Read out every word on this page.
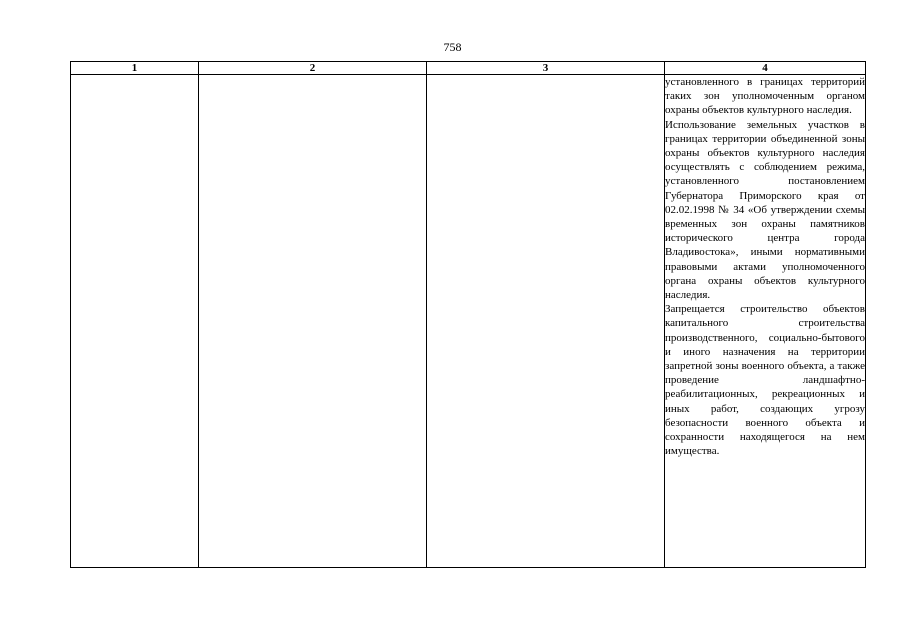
758
1	2	3	4

			установленного в границах территорий таких зон уполномоченным органом охраны объектов культурного наследия.

Использование земельных участков в границах территории объединенной зоны охраны объектов культурного наследия осуществлять с соблюдением режима, установленного постановлением Губернатора Приморского края от 02.02.1998 № 34 «Об утверждении схемы временных зон охраны памятников исторического центра города Владивостока», иными нормативными правовыми актами уполномоченного органа охраны объектов культурного наследия.

Запрещается строительство объектов капитального строительства производственного, социально-бытового и иного назначения на территории запретной зоны военного объекта, а также проведение ландшафтно-реабилитационных, рекреационных и иных работ, создающих угрозу безопасности военного объекта и сохранности находящегося на нем имущества.
